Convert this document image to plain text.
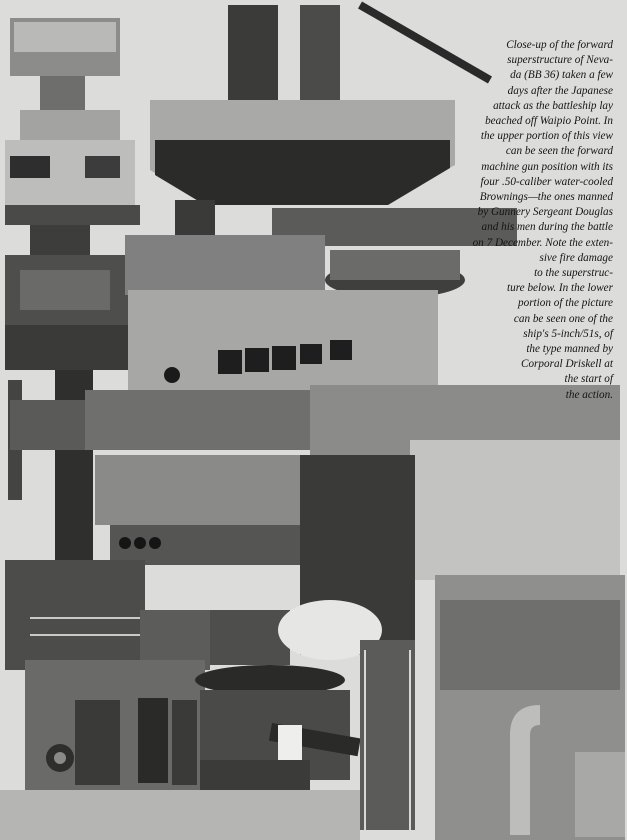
Close-up of the forward
superstructure of Neva-
da (BB 36) taken a few
days after the Japanese
attack as the battleship lay
beached off Waipio Point. In
the upper portion of this view
can be seen the forward
machine gun position with its
four .50-caliber water-cooled
Brownings—the ones manned
by Gunnery Sergeant Douglas
and his men during the battle
on 7 December. Note the exten-
sive fire damage
to the superstruc-
ture below. In the lower
portion of the picture
can be seen one of the
ship's 5-inch/51s, of
the type manned by
Corporal Driskell at
the start of
the action.
